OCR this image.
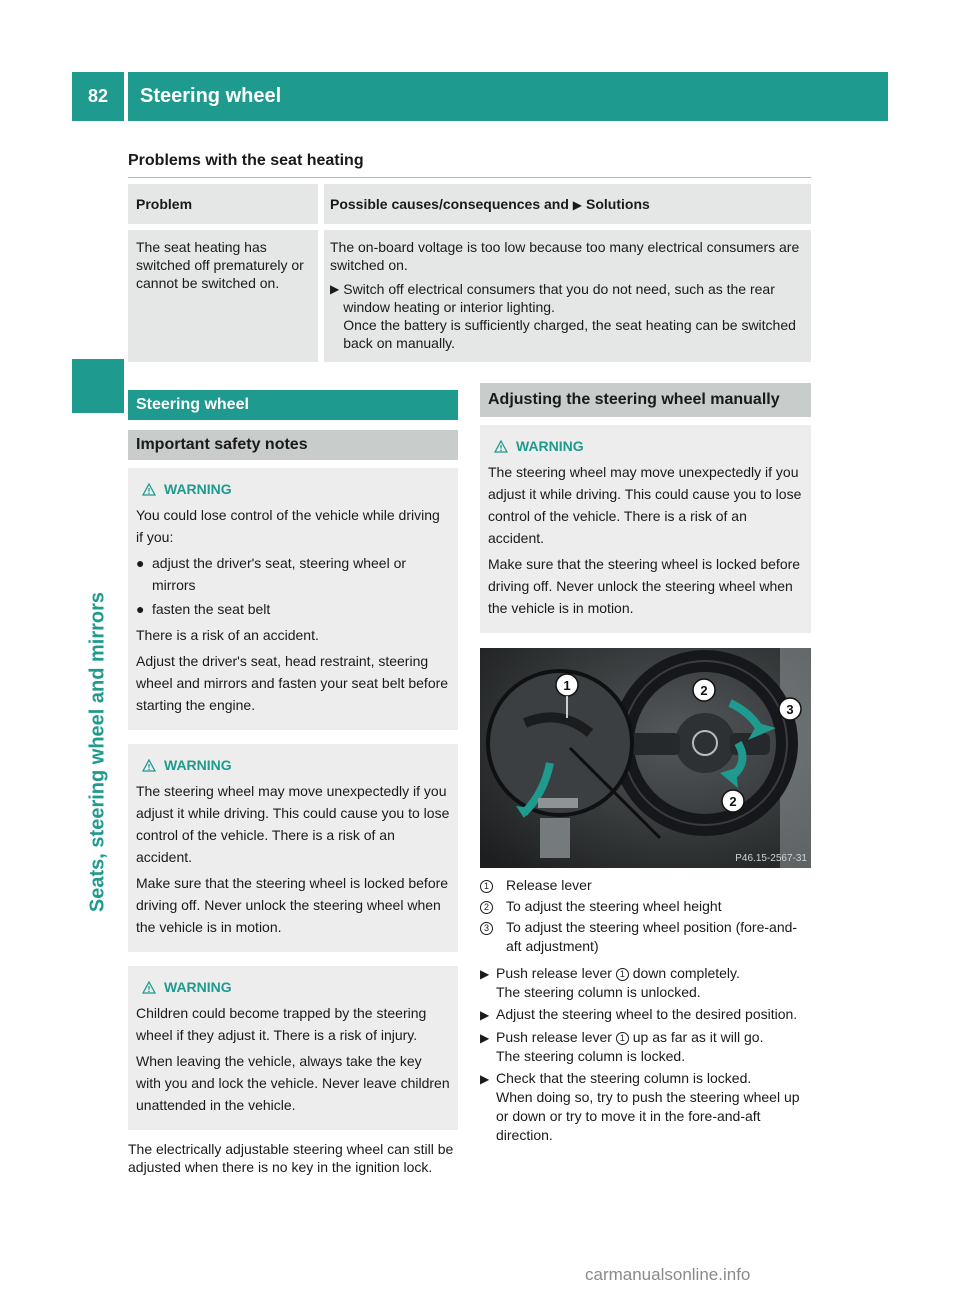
82	Steering wheel
Seats, steering wheel and mirrors
Problems with the seat heating
Problem	Possible causes/consequences and ▶ Solutions

The seat heating has switched off prematurely or cannot be switched on.	The on-board voltage is too low because too many electrical consumers are switched on.
▶ Switch off electrical consumers that you do not need, such as the rear window heating or interior lighting.
Once the battery is sufficiently charged, the seat heating can be switched back on manually.
Steering wheel
Important safety notes
WARNING

You could lose control of the vehicle while driving if you:

● adjust the driver's seat, steering wheel or mirrors
● fasten the seat belt

There is a risk of an accident.

Adjust the driver's seat, head restraint, steering wheel and mirrors and fasten your seat belt before starting the engine.

WARNING

The steering wheel may move unexpectedly if you adjust it while driving. This could cause you to lose control of the vehicle. There is a risk of an accident.

Make sure that the steering wheel is locked before driving off. Never unlock the steering wheel when the vehicle is in motion.

WARNING

Children could become trapped by the steering wheel if they adjust it. There is a risk of injury.

When leaving the vehicle, always take the key with you and lock the vehicle. Never leave children unattended in the vehicle.

The electrically adjustable steering wheel can still be adjusted when there is no key in the ignition lock.
Adjusting the steering wheel manually
WARNING

The steering wheel may move unexpectedly if you adjust it while driving. This could cause you to lose control of the vehicle. There is a risk of an accident.

Make sure that the steering wheel is locked before driving off. Never unlock the steering wheel when the vehicle is in motion.

1	2
3
2
P46.15-2567-31
1	Release lever
2	To adjust the steering wheel height
3	To adjust the steering wheel position (fore-and-aft adjustment)
▶ Push release lever 1 down completely.
The steering column is unlocked.
▶ Adjust the steering wheel to the desired position.
▶ Push release lever 1 up as far as it will go.
The steering column is locked.
▶ Check that the steering column is locked.
When doing so, try to push the steering wheel up or down or try to move it in the fore-and-aft direction.
carmanualsonline.info
